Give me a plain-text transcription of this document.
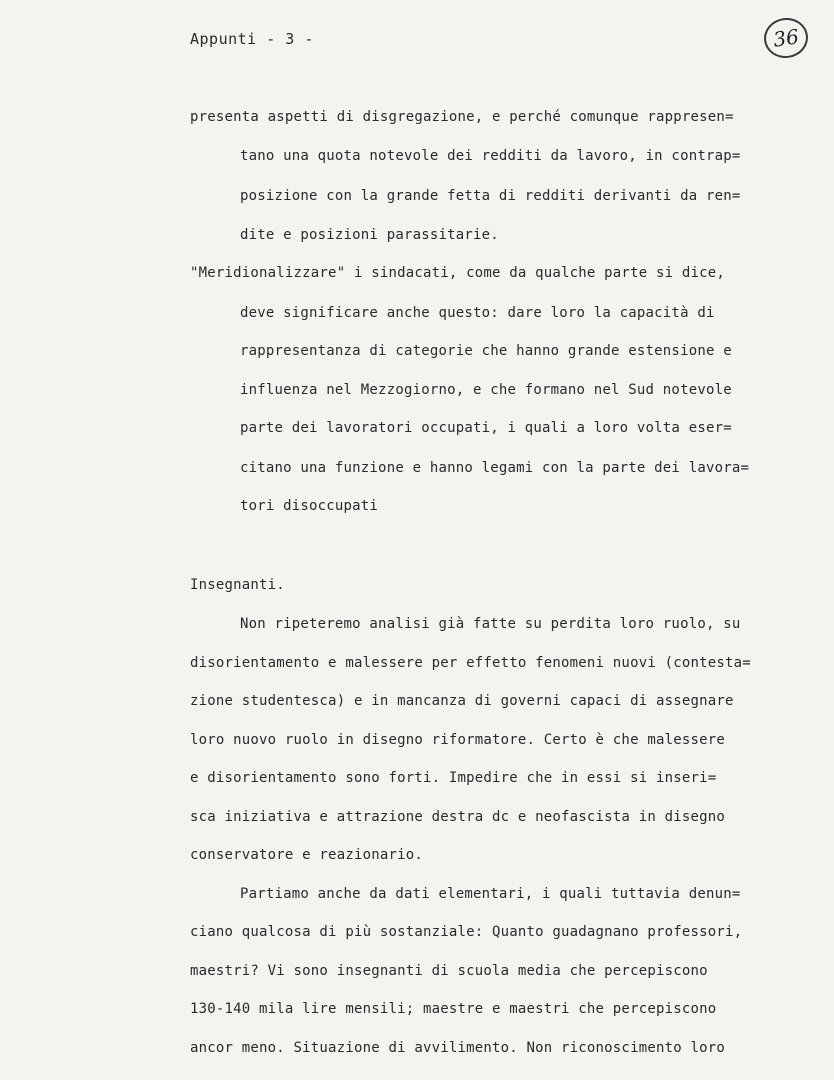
Appunti - 3 -	36
presenta aspetti di disgregazione, e perché comunque rappresen=
tano una quota notevole dei redditi da lavoro, in contrap=
posizione con la grande fetta di redditi derivanti da ren=
dite e posizioni parassitarie.
"Meridionalizzare" i sindacati, come da qualche parte si dice,
deve significare anche questo: dare loro la capacità di
rappresentanza di categorie che hanno grande estensione e
influenza nel Mezzogiorno, e che formano nel Sud notevole
parte dei lavoratori occupati, i quali a loro volta eser=
citano una funzione e hanno legami con la parte dei lavora=
tori disoccupati
Insegnanti.
Non ripeteremo analisi già fatte su perdita loro ruolo, su
disorientamento e malessere per effetto fenomeni nuovi (contesta=
zione studentesca) e in mancanza di governi capaci di assegnare
loro nuovo ruolo in disegno riformatore. Certo è che malessere
e disorientamento sono forti. Impedire che in essi si inseri=
sca iniziativa e attrazione destra dc e neofascista in disegno
conservatore e reazionario.
Partiamo anche da dati elementari, i quali tuttavia denun=
ciano qualcosa di più sostanziale: Quanto guadagnano professori,
maestri? Vi sono insegnanti di scuola media che percepiscono
130-140 mila lire mensili; maestre e maestri che percepiscono
ancor meno. Situazione di avvilimento. Non riconoscimento loro
